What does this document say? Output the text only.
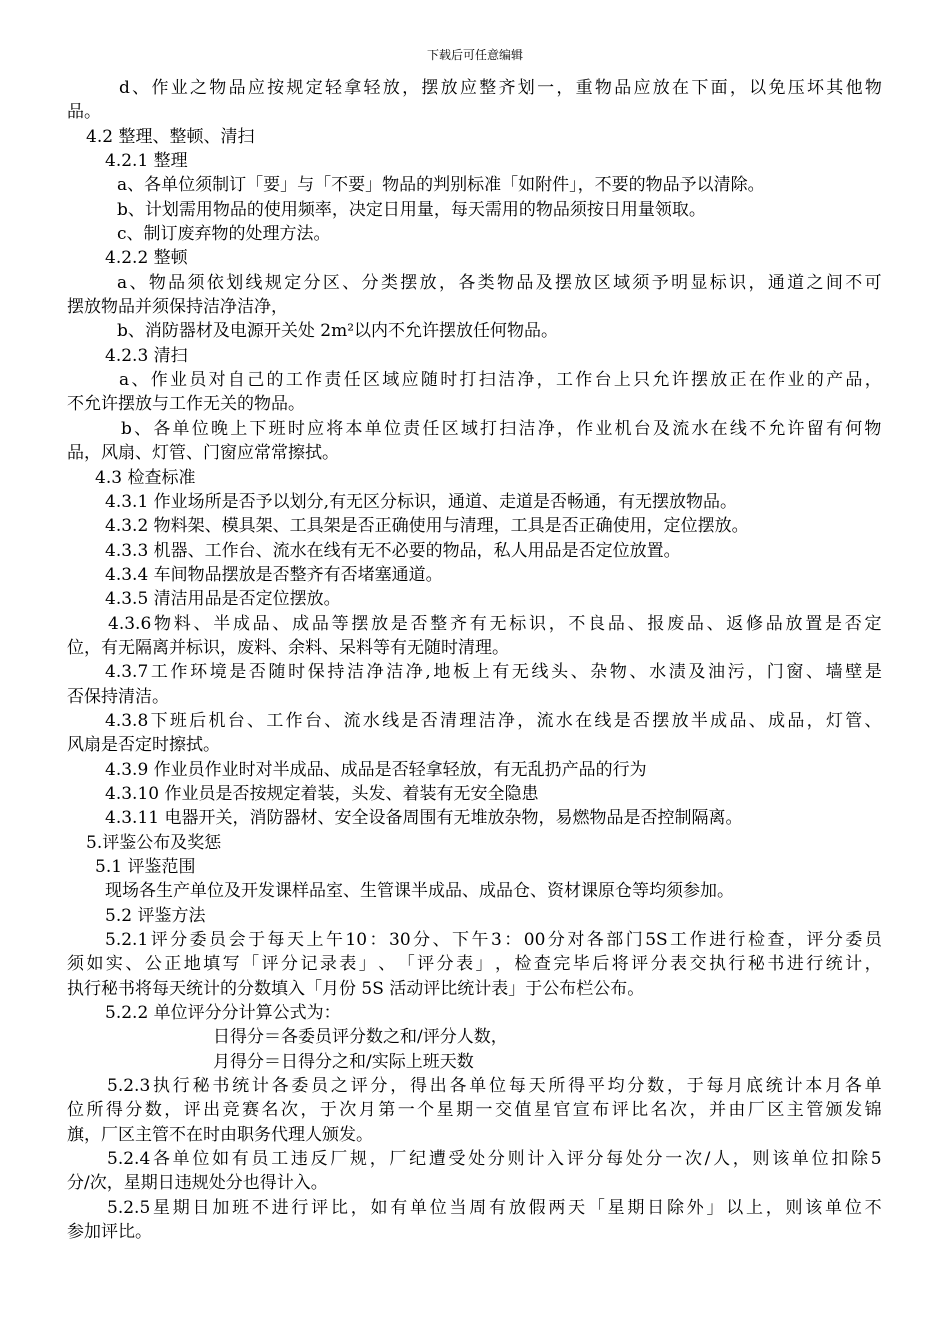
下载后可任意编辑
d 、 作 业 之 物 品 应 按 规 定 轻 拿 轻 放 ， 摆 放 应 整 齐 划 一 ， 重 物 品 应 放 在 下 面 ， 以 免 压 坏 其 他 物
品。
4.2 整理、整顿、清扫
4.2.1 整理
a、各单位须制订「要」与「不要」物品的判别标准「如附件」，不要的物品予以清除。
b、计划需用物品的使用频率，决定日用量，每天需用的物品须按日用量领取。
c、制订废弃物的处理方法。
4.2.2 整顿
a 、 物 品 须 依 划 线 规 定 分 区 、 分 类 摆 放 ， 各 类 物 品 及 摆 放 区 域 须 予 明 显 标 识 ， 通 道 之 间 不 可
摆放物品并须保持洁净洁净，
b、消防器材及电源开关处 2m²以内不允许摆放任何物品。
4.2.3 清扫
a 、 作 业 员 对 自 己 的 工 作 责 任 区 域 应 随 时 打 扫 洁 净 ， 工 作 台 上 只 允 许 摆 放 正 在 作 业 的 产 品 ，
不允许摆放与工作无关的物品。
b 、 各 单 位 晚 上 下 班 时 应 将 本 单 位 责 任 区 域 打 扫 洁 净 ， 作 业 机 台 及 流 水 在 线 不 允 许 留 有 何 物
品，风扇、灯管、门窗应常常擦拭。
4.3 检查标准
4.3.1 作业场所是否予以划分,有无区分标识，通道、走道是否畅通，有无摆放物品。
4.3.2 物料架、模具架、工具架是否正确使用与清理，工具是否正确使用，定位摆放。
4.3.3 机器、工作台、流水在线有无不必要的物品，私人用品是否定位放置。
4.3.4 车间物品摆放是否整齐有否堵塞通道。
4.3.5 清洁用品是否定位摆放。
4.3.6 物 料 、 半 成 品 、 成 品 等 摆 放 是 否 整 齐 有 无 标 识 ， 不 良 品 、 报 废 品 、 返 修 品 放 置 是 否 定
位，有无隔离并标识，废料、余料、呆料等有无随时清理。
4.3.7 工 作 环 境 是 否 随 时 保 持 洁 净 洁 净 , 地 板 上 有 无 线 头 、 杂 物 、 水 渍 及 油 污 ， 门 窗 、 墙 壁 是
否保持清洁。
4.3.8 下 班 后 机 台 、 工 作 台 、 流 水 线 是 否 清 理 洁 净 ， 流 水 在 线 是 否 摆 放 半 成 品 、 成 品 ， 灯 管 、
风扇是否定时擦拭。
4.3.9 作业员作业时对半成品、成品是否轻拿轻放，有无乱扔产品的行为
4.3.10 作业员是否按规定着装，头发、着装有无安全隐患
4.3.11 电器开关，消防器材、安全设备周围有无堆放杂物，易燃物品是否控制隔离。
5.评鉴公布及奖惩
5.1 评鉴范围
现场各生产单位及开发课样品室、生管课半成品、成品仓、资材课原仓等均须参加。
5.2 评鉴方法
5.2.1 评 分 委 员 会 于 每 天 上 午 10 ： 30 分 、 下 午 3 ： 00 分 对 各 部 门 5S 工 作 进 行 检 查 ， 评 分 委 员
须 如 实 、 公 正 地 填 写 「 评 分 记 录 表 」 、 「 评 分 表 」 ， 检 查 完 毕 后 将 评 分 表 交 执 行 秘 书 进 行 统 计 ，
执行秘书将每天统计的分数填入「月份 5S 活动评比统计表」于公布栏公布。
5.2.2 单位评分分计算公式为：
日得分＝各委员评分数之和/评分人数，
月得分＝日得分之和/实际上班天数
5.2.3 执 行 秘 书 统 计 各 委 员 之 评 分 ， 得 出 各 单 位 每 天 所 得 平 均 分 数 ， 于 每 月 底 统 计 本 月 各 单
位 所 得 分 数 ， 评 出 竞 赛 名 次 ， 于 次 月 第 一 个 星 期 一 交 值 星 官 宣 布 评 比 名 次 ， 并 由 厂 区 主 管 颁 发 锦
旗，厂区主管不在时由职务代理人颁发。
5.2.4 各 单 位 如 有 员 工 违 反 厂 规 ， 厂 纪 遭 受 处 分 则 计 入 评 分 每 处 分 一 次 / 人 ， 则 该 单 位 扣 除 5
分/次，星期日违规处分也得计入。
5.2.5 星 期 日 加 班 不 进 行 评 比 ， 如 有 单 位 当 周 有 放 假 两 天 「 星 期 日 除 外 」 以 上 ， 则 该 单 位 不
参加评比。
